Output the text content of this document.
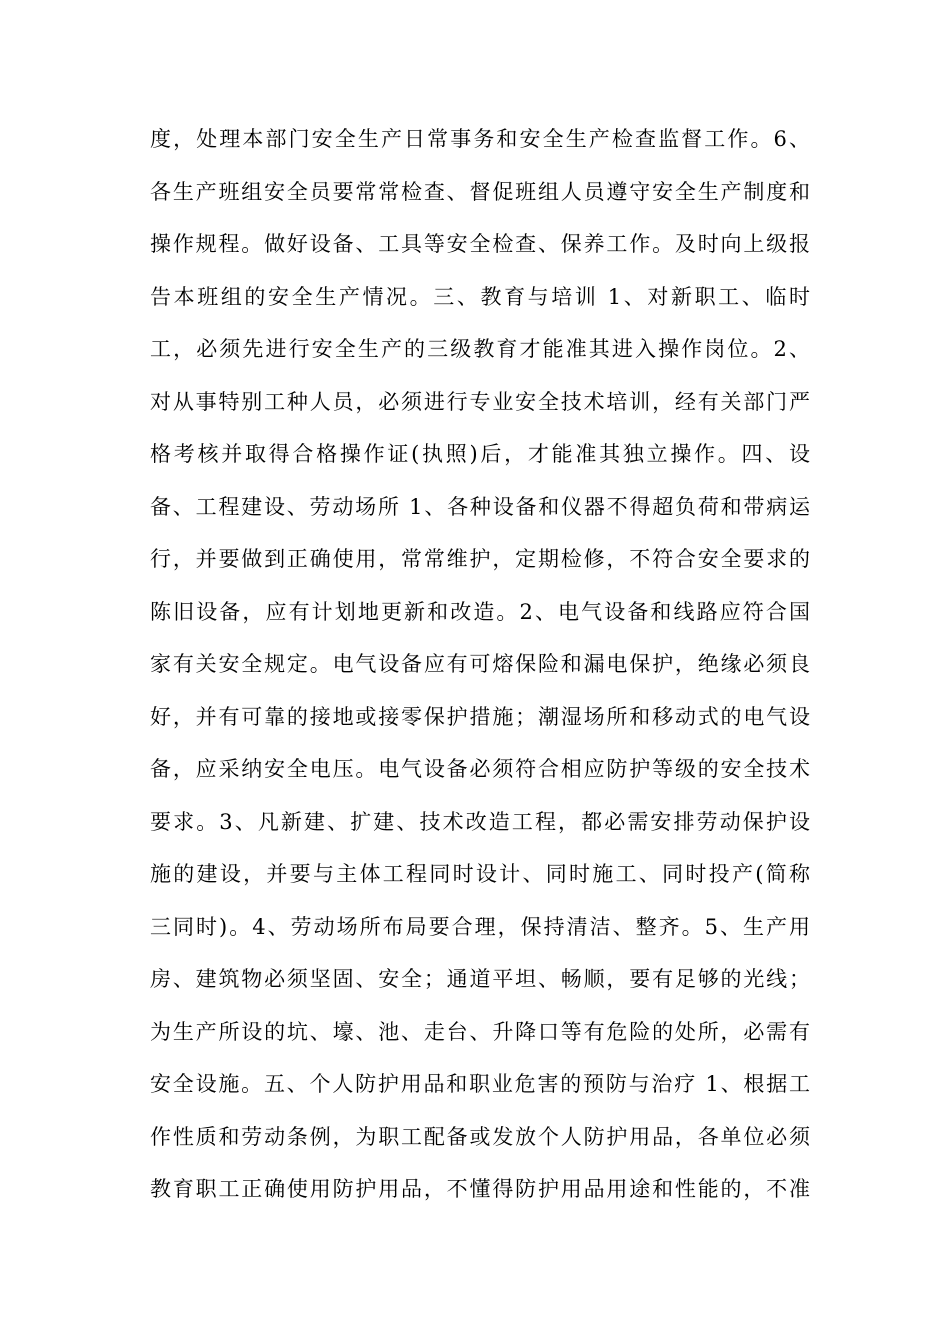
度，处理本部门安全生产日常事务和安全生产检查监督工作。6、
各生产班组安全员要常常检查、督促班组人员遵守安全生产制度和
操作规程。做好设备、工具等安全检查、保养工作。及时向上级报
告本班组的安全生产情况。三、教育与培训 1、对新职工、临时
工，必须先进行安全生产的三级教育才能准其进入操作岗位。2、
对从事特别工种人员，必须进行专业安全技术培训，经有关部门严
格考核并取得合格操作证(执照)后，才能准其独立操作。四、设
备、工程建设、劳动场所 1、各种设备和仪器不得超负荷和带病运
行，并要做到正确使用，常常维护，定期检修，不符合安全要求的
陈旧设备，应有计划地更新和改造。2、电气设备和线路应符合国
家有关安全规定。电气设备应有可熔保险和漏电保护，绝缘必须良
好，并有可靠的接地或接零保护措施；潮湿场所和移动式的电气设
备，应采纳安全电压。电气设备必须符合相应防护等级的安全技术
要求。3、凡新建、扩建、技术改造工程，都必需安排劳动保护设
施的建设，并要与主体工程同时设计、同时施工、同时投产(简称
三同时)。4、劳动场所布局要合理，保持清洁、整齐。5、生产用
房、建筑物必须坚固、安全；通道平坦、畅顺，要有足够的光线；
为生产所设的坑、壕、池、走台、升降口等有危险的处所，必需有
安全设施。五、个人防护用品和职业危害的预防与治疗 1、根据工
作性质和劳动条例，为职工配备或发放个人防护用品，各单位必须
教育职工正确使用防护用品，不懂得防护用品用途和性能的，不准
